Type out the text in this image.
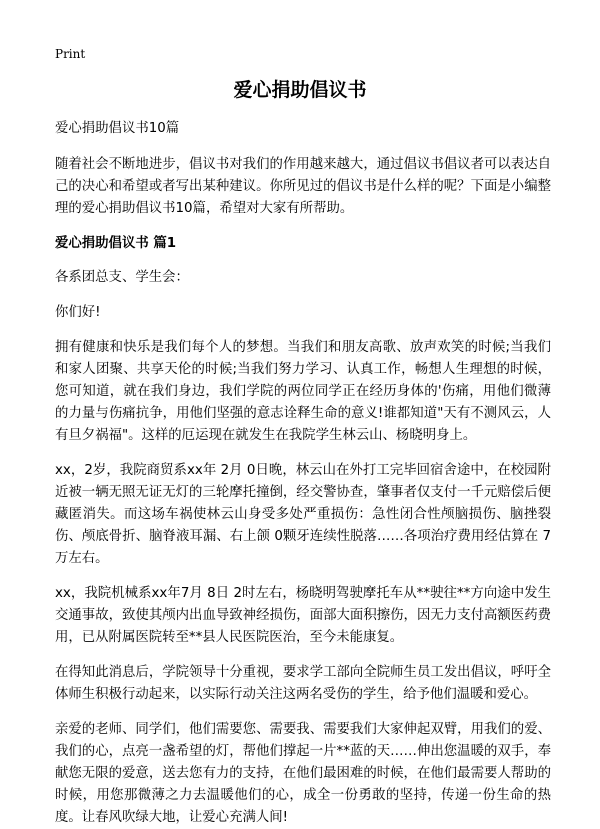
Print
爱心捐助倡议书

爱心捐助倡议书10篇

随着社会不断地进步，倡议书对我们的作用越来越大，通过倡议书倡议者可以表达自己的决心和希望或者写出某种建议。你所见过的倡议书是什么样的呢？下面是小编整理的爱心捐助倡议书10篇，希望对大家有所帮助。

爱心捐助倡议书 篇1

各系团总支、学生会：

你们好!

拥有健康和快乐是我们每个人的梦想。当我们和朋友高歌、放声欢笑的时候;当我们和家人团聚、共享天伦的时候;当我们努力学习、认真工作，畅想人生理想的时候，您可知道，就在我们身边，我们学院的两位同学正在经历身体的'伤痛，用他们微薄的力量与伤痛抗争，用他们坚强的意志诠释生命的意义!谁都知道"天有不测风云，人有旦夕祸福"。这样的厄运现在就发生在我院学生林云山、杨晓明身上。

xx，2岁，我院商贸系xx年 2月 0日晚，林云山在外打工完毕回宿舍途中，在校园附近被一辆无照无证无灯的三轮摩托撞倒，经交警协查，肇事者仅支付一千元赔偿后便藏匿消失。而这场车祸使林云山身受多处严重损伤：急性闭合性颅脑损伤、脑挫裂伤、颅底骨折、脑脊液耳漏、右上颌 0颗牙连续性脱落……各项治疗费用经估算在 7万左右。

xx，我院机械系xx年7月 8日 2时左右，杨晓明驾驶摩托车从**驶往**方向途中发生交通事故，致使其颅内出血导致神经损伤，面部大面积擦伤，因无力支付高额医药费用，已从附属医院转至**县人民医院医治，至今未能康复。

在得知此消息后，学院领导十分重视，要求学工部向全院师生员工发出倡议，呼吁全体师生积极行动起来，以实际行动关注这两名受伤的学生，给予他们温暖和爱心。

亲爱的老师、同学们，他们需要您、需要我、需要我们大家伸起双臂，用我们的爱、我们的心，点亮一盏希望的灯，帮他们撑起一片**蓝的天……伸出您温暖的双手，奉献您无限的爱意，送去您有力的支持，在他们最困难的时候，在他们最需要人帮助的时候，用您那微薄之力去温暖他们的心，成全一份勇敢的坚持，传递一份生命的热度。让春风吹绿大地，让爱心充满人间!
